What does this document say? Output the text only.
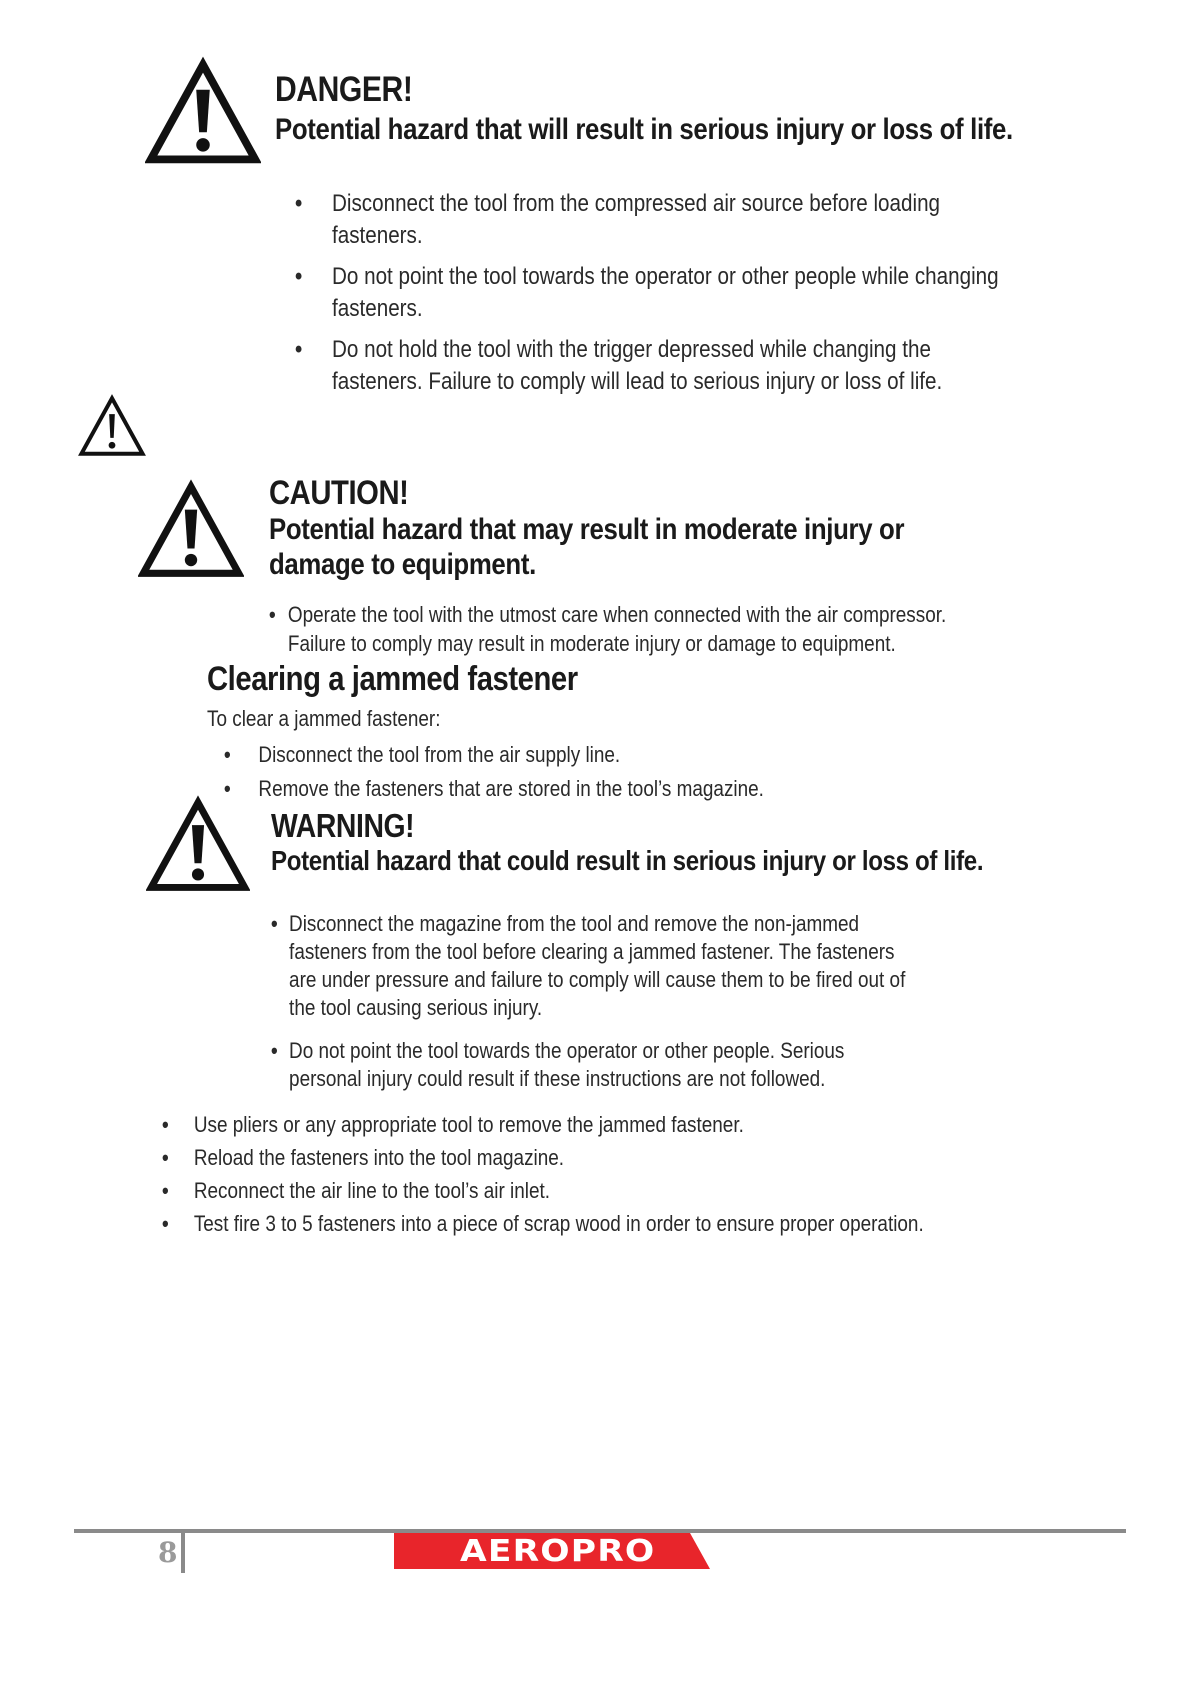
DANGER!
Potential hazard that will result in serious injury or loss of life.
• Disconnect the tool from the compressed air source before loading fasteners.
• Do not point the tool towards the operator or other people while changing fasteners.
• Do not hold the tool with the trigger depressed while changing the fasteners. Failure to comply will lead to serious injury or loss of life.
CAUTION!
Potential hazard that may result in moderate injury or damage to equipment.
• Operate the tool with the utmost care when connected with the air compressor. Failure to comply may result in moderate injury or damage to equipment.
Clearing a jammed fastener
To clear a jammed fastener:
• Disconnect the tool from the air supply line.
• Remove the fasteners that are stored in the tool’s magazine.
WARNING!
Potential hazard that could result in serious injury or loss of life.
• Disconnect the magazine from the tool and remove the non-jammed fasteners from the tool before clearing a jammed fastener. The fasteners are under pressure and failure to comply will cause them to be fired out of the tool causing serious injury.
• Do not point the tool towards the operator or other people. Serious personal injury could result if these instructions are not followed.
• Use pliers or any appropriate tool to remove the jammed fastener.
• Reload the fasteners into the tool magazine.
• Reconnect the air line to the tool’s air inlet.
• Test fire 3 to 5 fasteners into a piece of scrap wood in order to ensure proper operation.
8	AEROPRO
